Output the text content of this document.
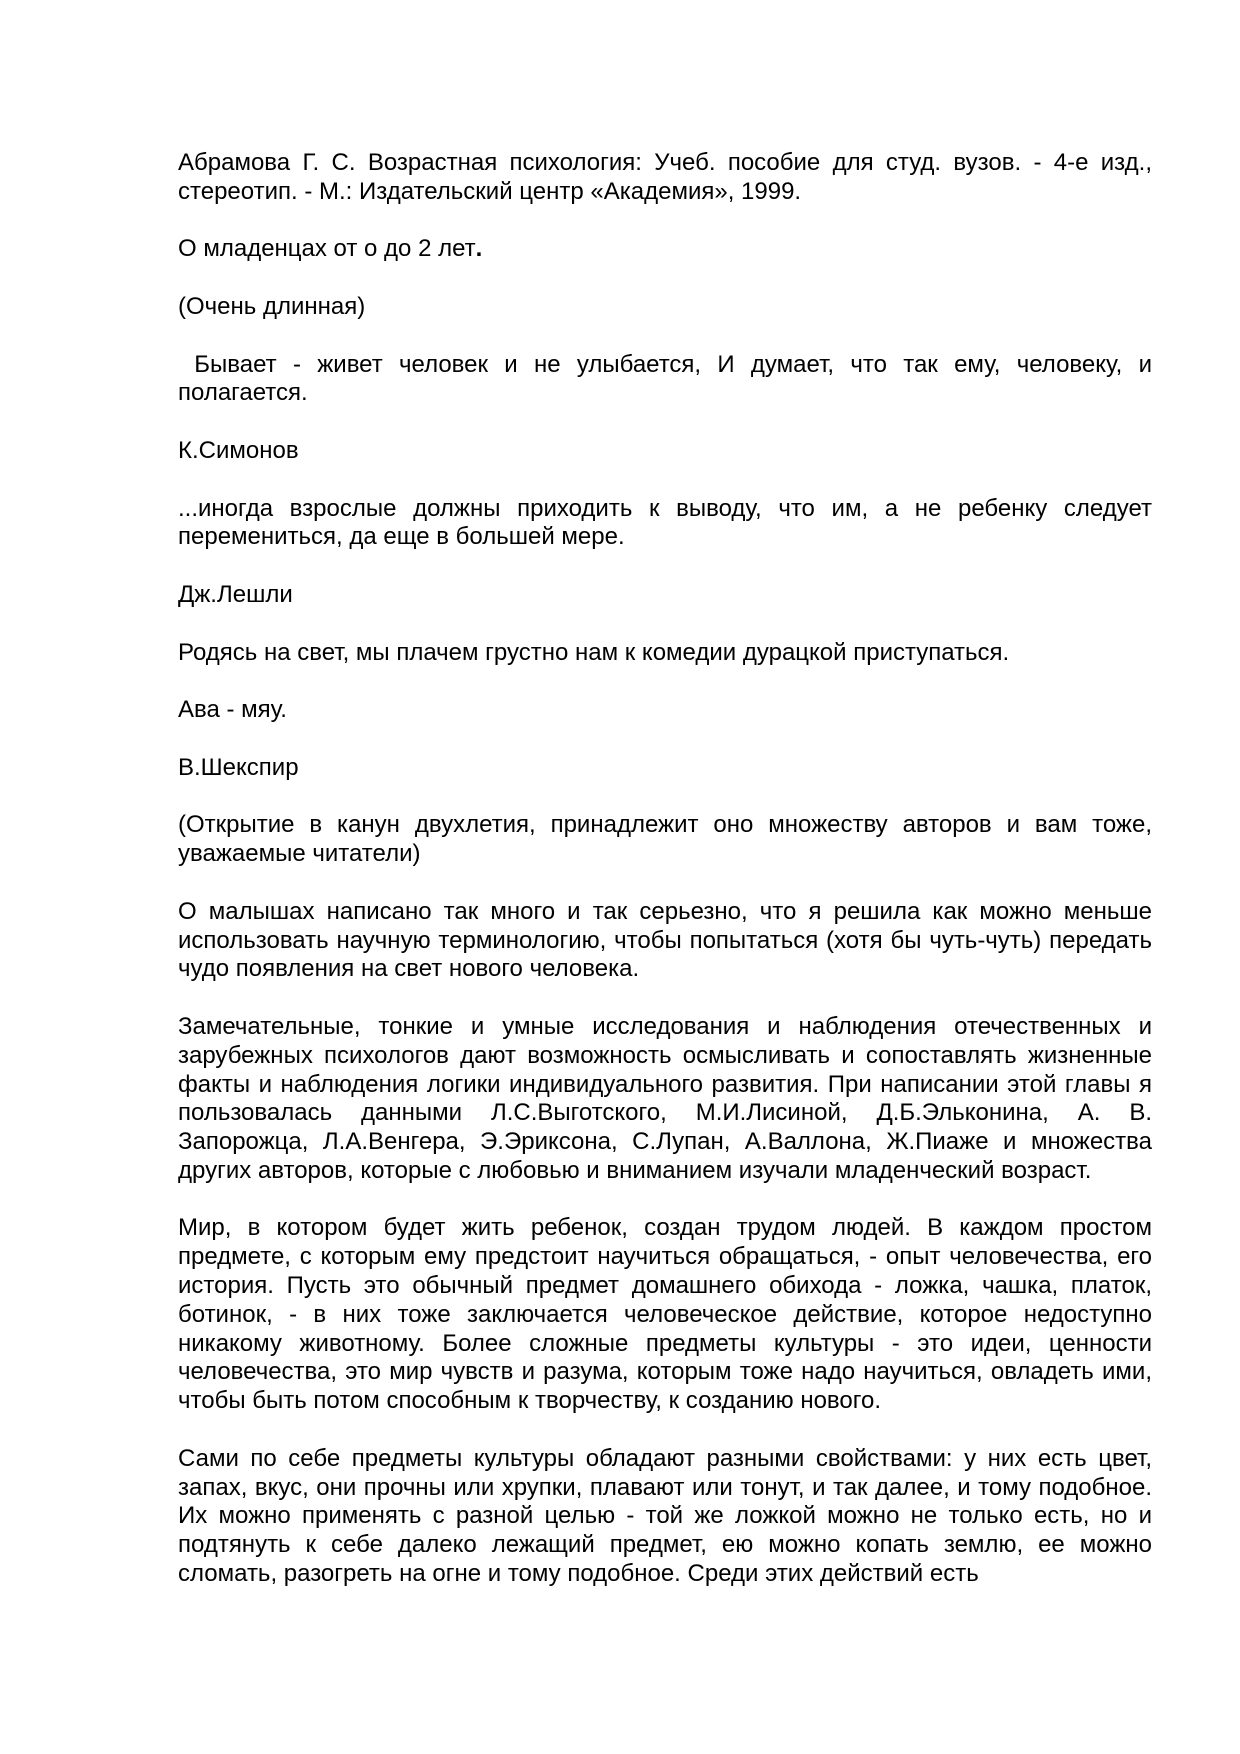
Абрамова Г. С. Возрастная психология: Учеб. пособие для студ. вузов. - 4-е изд., стереотип. - М.: Издательский центр «Академия», 1999.

О младенцах от о до 2 лет.

(Очень длинная)

Бывает - живет человек и не улыбается, И думает, что так ему, человеку, и полагается.

К.Симонов

...иногда взрослые должны приходить к выводу, что им, а не ребенку следует перемениться, да еще в большей мере.

Дж.Лешли

Родясь на свет, мы плачем грустно нам к комедии дурацкой приступаться.

Ава - мяу.

В.Шекспир

(Открытие в канун двухлетия, принадлежит оно множеству авторов и вам тоже, уважаемые читатели)

О малышах написано так много и так серьезно, что я решила как можно меньше использовать научную терминологию, чтобы попытаться (хотя бы чуть-чуть) передать чудо появления на свет нового человека.

Замечательные, тонкие и умные исследования и наблюдения отечественных и зарубежных психологов дают возможность осмысливать и сопоставлять жизненные факты и наблюдения логики индивидуального развития. При написании этой главы я пользовалась данными Л.С.Выготского, М.И.Лисиной, Д.Б.Эльконина, А. В. Запорожца, Л.А.Венгера, Э.Эриксона, С.Лупан, А.Валлона, Ж.Пиаже и множества других авторов, которые с любовью и вниманием изучали младенческий возраст.

Мир, в котором будет жить ребенок, создан трудом людей. В каждом простом предмете, с которым ему предстоит научиться обращаться, - опыт человечества, его история. Пусть это обычный предмет домашнего обихода - ложка, чашка, платок, ботинок, - в них тоже заключается человеческое действие, которое недоступно никакому животному. Более сложные предметы культуры - это идеи, ценности человечества, это мир чувств и разума, которым тоже надо научиться, овладеть ими, чтобы быть потом способным к творчеству, к созданию нового.

Сами по себе предметы культуры обладают разными свойствами: у них есть цвет, запах, вкус, они прочны или хрупки, плавают или тонут, и так далее, и тому подобное. Их можно применять с разной целью - той же ложкой можно не только есть, но и подтянуть к себе далеко лежащий предмет, ею можно копать землю, ее можно сломать, разогреть на огне и тому подобное. Среди этих действий есть
